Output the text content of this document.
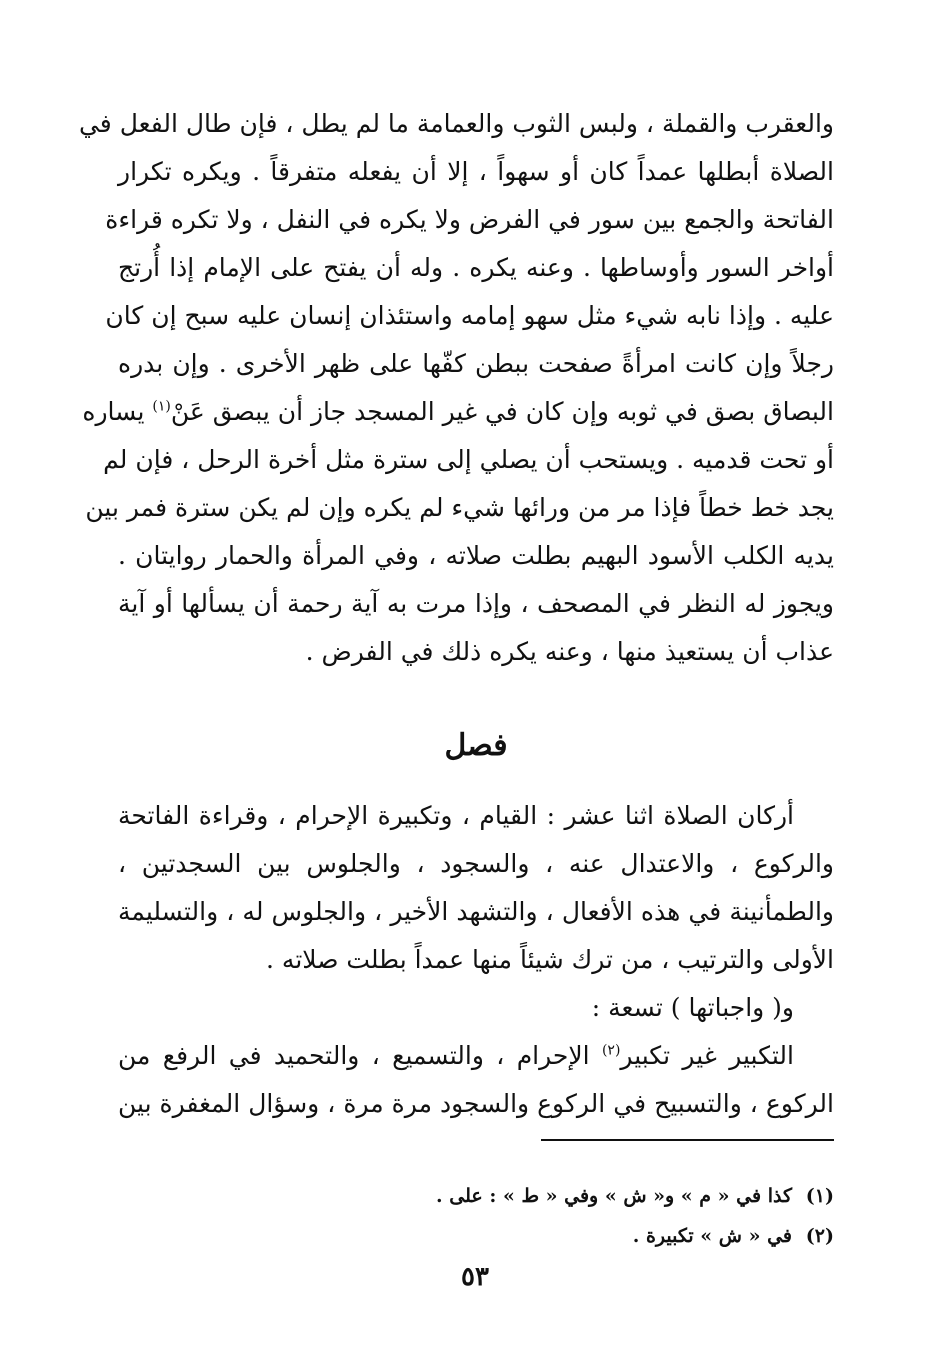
والعقرب والقملة ، ولبس الثوب والعمامة ما لم يطل ، فإن طال الفعل في
الصلاة أبطلها عمداً كان أو سهواً ، إلا أن يفعله متفرقاً . ويكره تكرار
الفاتحة والجمع بين سور في الفرض ولا يكره في النفل ، ولا تكره قراءة
أواخر السور وأوساطها . وعنه يكره . وله أن يفتح على الإمام إذا أُرتج
عليه . وإذا نابه شيء مثل سهو إمامه واستئذان إنسان عليه سبح إن كان
رجلاً وإن كانت امرأةً صفحت ببطن كفّها على ظهر الأخرى . وإن بدره
البصاق بصق في ثوبه وإن كان في غير المسجد جاز أن يبصق عَنْ$^{(١)}$ يساره
أو تحت قدميه . ويستحب أن يصلي إلى سترة مثل أخرة الرحل ، فإن لم
يجد خط خطاً فإذا مر من ورائها شيء لم يكره وإن لم يكن سترة فمر بين
يديه الكلب الأسود البهيم بطلت صلاته ، وفي المرأة والحمار روايتان .
ويجوز له النظر في المصحف ، وإذا مرت به آية رحمة أن يسألها أو آية
عذاب أن يستعيذ منها ، وعنه يكره ذلك في الفرض .
فصل
أركان الصلاة اثنا عشر : القيام ، وتكبيرة الإحرام ، وقراءة الفاتحة
والركوع ، والاعتدال عنه ، والسجود ، والجلوس بين السجدتين ،
والطمأنينة في هذه الأفعال ، والتشهد الأخير ، والجلوس له ، والتسليمة
الأولى والترتيب ، من ترك شيئاً منها عمداً بطلت صلاته .
و( واجباتها ) تسعة :
التكبير غير تكبير$^{(٢)}$ الإحرام ، والتسميع ، والتحميد في الرفع من
الركوع ، والتسبيح في الركوع والسجود مرة مرة ، وسؤال المغفرة بين
(١)كذا في « م » و« ش » وفي « ط » : على .
(٢)في « ش » تكبيرة .
٥٣
